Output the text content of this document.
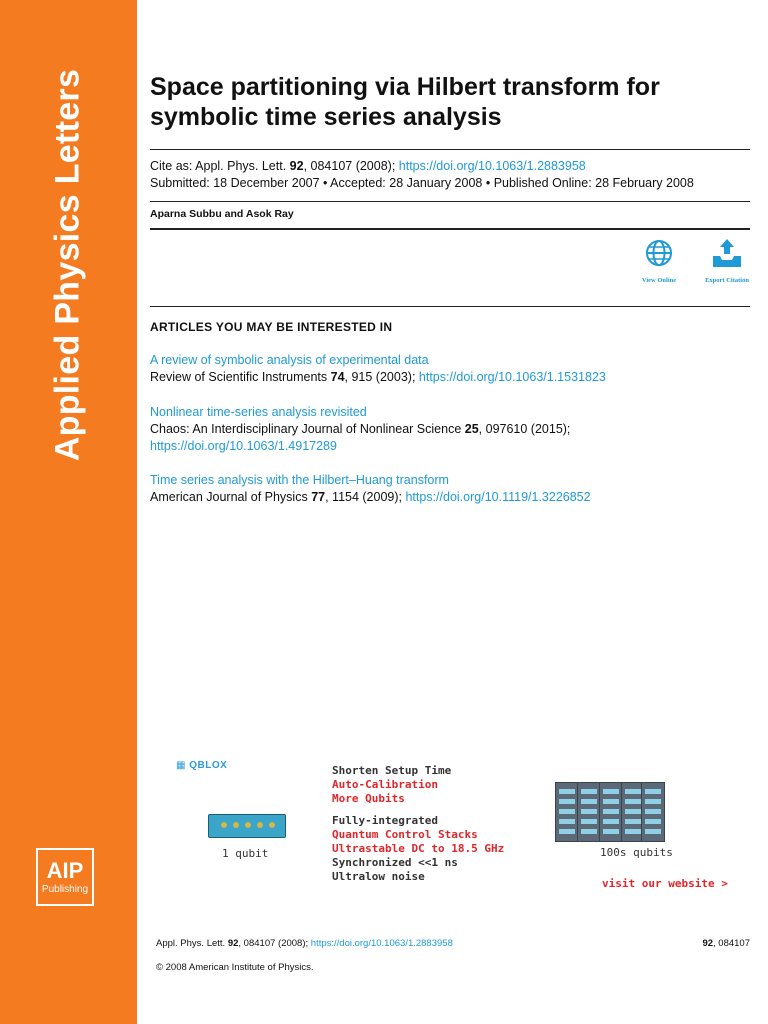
Applied Physics Letters
AIP
Publishing
Space partitioning via Hilbert transform for symbolic time series analysis
Cite as: Appl. Phys. Lett. 92, 084107 (2008); https://doi.org/10.1063/1.2883958
Submitted: 18 December 2007 • Accepted: 28 January 2008 • Published Online: 28 February 2008
Aparna Subbu and Asok Ray
View Online	Export Citation
ARTICLES YOU MAY BE INTERESTED IN
A review of symbolic analysis of experimental data
Review of Scientific Instruments 74, 915 (2003); https://doi.org/10.1063/1.1531823
Nonlinear time-series analysis revisited
Chaos: An Interdisciplinary Journal of Nonlinear Science 25, 097610 (2015); https://doi.org/10.1063/1.4917289
Time series analysis with the Hilbert–Huang transform
American Journal of Physics 77, 1154 (2009); https://doi.org/10.1119/1.3226852
▦ QBLOX
1 qubit
Shorten Setup Time
Auto-Calibration
More Qubits
Fully-integrated
Quantum Control Stacks
Ultrastable DC to 18.5 GHz
Synchronized <<1 ns
Ultralow noise
100s qubits
visit our website >
Appl. Phys. Lett. 92, 084107 (2008); https://doi.org/10.1063/1.2883958	92, 084107
© 2008 American Institute of Physics.
